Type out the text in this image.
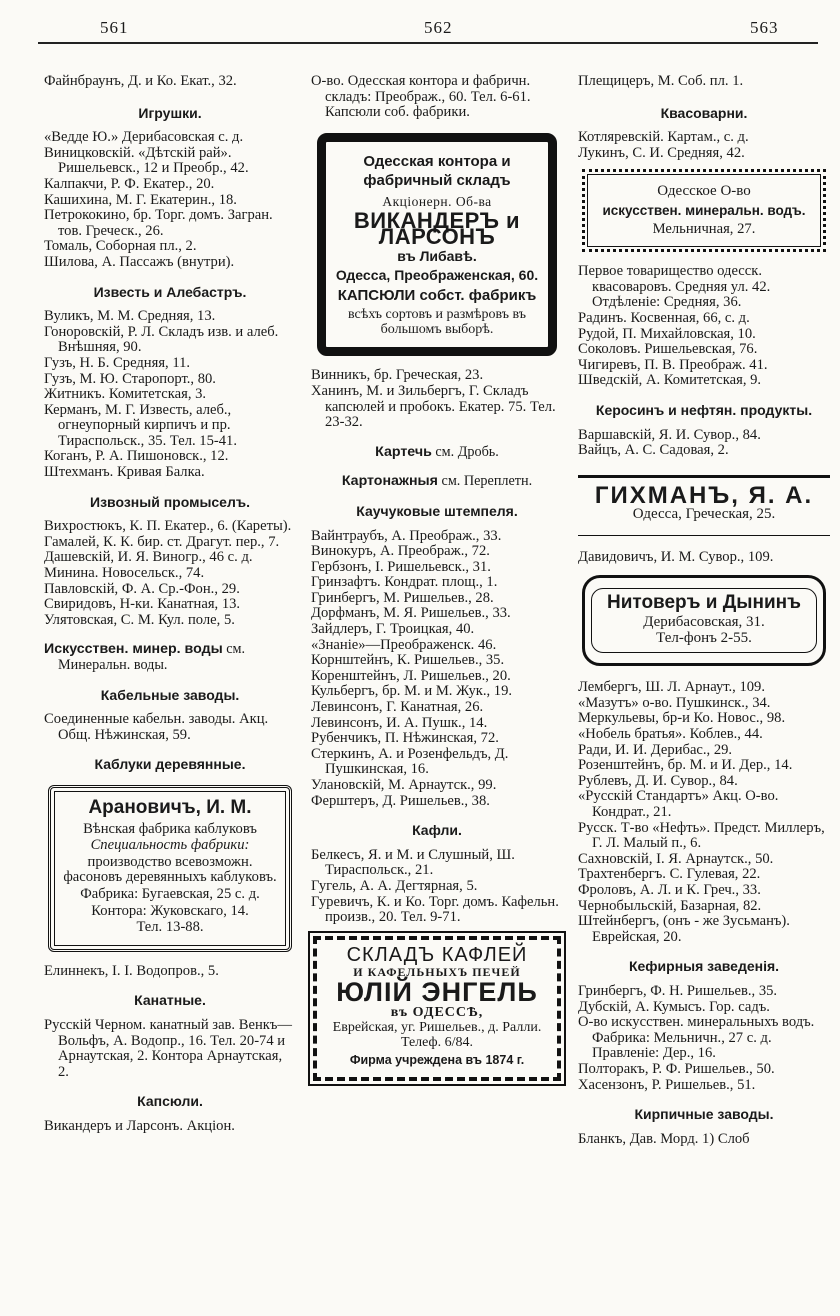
561	562	563

Файнбраунъ, Д. и Ко. Екат., 32.

Игрушки.

«Ведде Ю.» Дерибасовская с. д.

Виницковскій. «Дѣтскій рай». Ришельевск., 12 и Преобр., 42.

Калпакчи, Р. Ф. Екатер., 20.

Кашихина, М. Г. Екатерин., 18.

Петрококино, бр. Торг. домъ. Загран. тов. Греческ., 26.

Томаль, Соборная пл., 2.

Шилова, А. Пассажъ (внутри).

Известь и Алебастръ.

Вуликъ, М. М. Средняя, 13.

Гоноровскій, Р. Л. Складъ изв. и алеб. Внѣшняя, 90.

Гузъ, Н. Б. Средняя, 11.

Гузъ, М. Ю. Старопорт., 80.

Житникъ. Комитетская, 3.

Керманъ, М. Г. Известь, алеб., огнеупорный кирпичъ и пр. Тираспольск., 35. Тел. 15-41.

Коганъ, Р. А. Пишоновск., 12.

Штехманъ. Кривая Балка.

Извозный промыселъ.

Вихростюкъ, К. П. Екатер., 6. (Кареты).

Гамалей, К. К. бир. ст. Драгут. пер., 7.

Дашевскій, И. Я. Виногр., 46 с. д.

Минина. Новосельск., 74.

Павловскій, Ф. А. Ср.-Фон., 29.

Свиридовъ, Н-ки. Канатная, 13.

Улятовская, С. М. Кул. поле, 5.

Искусствен. минер. воды см. Минеральн. воды.

Кабельные заводы.

Соединенные кабельн. заводы. Акц. Общ. Нѣжинская, 59.

Каблуки деревянные.
Арановичъ, И. М.

Вѣнская фабрика каблуковъ

Специальность фабрики:

производство всевозможн. фасоновъ деревянныхъ каблуковъ.

Фабрика: Бугаевская, 25 с. д.

Контора: Жуковскаго, 14.

Тел. 13-88.

Елиннекъ, І. І. Водопров., 5.

Канатные.

Русскій Черном. канатный зав. Венкъ—Вольфъ, А. Водопр., 16. Тел. 20-74 и Арнаутская, 2. Контора Арнаутская, 2.

Капсюли.

Викандеръ и Ларсонъ. Акціон.

О-во. Одесская контора и фабричн. складъ: Преображ., 60. Тел. 6-61. Капсюли соб. фабрики.

Одесская контора и фабричный складъ
Акціонерн. Об-ва
ВИКАНДЕРЪ и ЛАРСОНЪ
въ Либавѣ.
Одесса, Преображенская, 60.
КАПСЮЛИ собст. фабрикъ
всѣхъ сортовъ и размѣровъ въ большомъ выборѣ.

Винникъ, бр. Греческая, 23.

Ханинъ, М. и Зильбергъ, Г. Складъ капсюлей и пробокъ. Екатер. 75. Тел. 23-32.

Картечь см. Дробь.

Картонажныя см. Переплетн.

Каучуковые штемпеля.

Вайнтраубъ, А. Преображ., 33.

Винокуръ, А. Преображ., 72.

Гербзонъ, І. Ришельевск., 31.

Гринзафтъ. Кондрат. площ., 1.

Гринбергъ, М. Ришельев., 28.

Дорфманъ, М. Я. Ришельев., 33.

Зайдлеръ, Г. Троицкая, 40.

«Знаніе»—Преображенск. 46.

Корнштейнъ, К. Ришельев., 35.

Коренштейнъ, Л. Ришельев., 20.

Кульбергъ, бр. М. и М. Жук., 19.

Левинсонъ, Г. Канатная, 26.

Левинсонъ, И. А. Пушк., 14.

Рубенчикъ, П. Нѣжинская, 72.

Стеркинъ, А. и Розенфельдъ, Д. Пушкинская, 16.

Улановскій, М. Арнаутск., 99.

Ферштеръ, Д. Ришельев., 38.

Кафли.

Белкесъ, Я. и М. и Слушный, Ш. Тираспольск., 21.

Гугель, А. А. Дегтярная, 5.

Гуревичъ, К. и Ко. Торг. домъ. Кафельн. произв., 20. Тел. 9-71.

СКЛАДЪ КАФЛЕЙ
И КАФЕЛЬНЫХЪ ПЕЧЕЙ
ЮЛІЙ ЭНГЕЛЬ
въ ОДЕССѢ,
Еврейская, уг. Ришельев., д. Ралли. Телеф. 6/84.
Фирма учреждена въ 1874 г.

Плещицеръ, М. Соб. пл. 1.

Квасоварни.

Котляревскій. Картам., с. д.

Лукинъ, С. И. Средняя, 42.

Одесское О-во
искусствен. минеральн. водъ.
Мельничная, 27.

Первое товарищество одесск. квасоваровъ. Средняя ул. 42. Отдѣленіе: Средняя, 36.

Радинъ. Косвенная, 66, с. д.

Рудой, П. Михайловская, 10.

Соколовъ. Ришельевская, 76.

Чигиревъ, П. В. Преображ. 41.

Шведскій, А. Комитетская, 9.

Керосинъ и нефтян. продукты.

Варшавскій, Я. И. Сувор., 84.

Вайцъ, А. С. Садовая, 2.

ГИХМАНЪ, Я. А.
Одесса, Греческая, 25.

Давидовичъ, И. М. Сувор., 109.

Нитоверъ и Дынинъ
Дерибасовская, 31.
Тел-фонъ 2-55.

Лембергъ, Ш. Л. Арнаут., 109.

«Мазутъ» о-во. Пушкинск., 34.

Меркульевы, бр-и Ко. Новос., 98.

«Нобель братья». Коблев., 44.

Ради, И. И. Дерибас., 29.

Розенштейнъ, бр. М. и И. Дер., 14.

Рублевъ, Д. И. Сувор., 84.

«Русскій Стандартъ» Акц. О-во. Кондрат., 21.

Русск. Т-во «Нефть». Предст. Миллеръ, Г. Л. Малый п., 6.

Сахновскій, І. Я. Арнаутск., 50.

Трахтенбергъ. С. Гулевая, 22.

Фроловъ, А. Л. и К. Греч., 33.

Чернобыльскій, Базарная, 82.

Штейнбергъ, (онъ - же Зусьманъ). Еврейская, 20.

Кефирныя заведенія.

Гринбергъ, Ф. Н. Ришельев., 35.

Дубскій, А. Кумысъ. Гор. садъ.

О-во искусствен. минеральныхъ водъ. Фабрика: Мельничн., 27 с. д. Правленіе: Дер., 16.

Полторакъ, Р. Ф. Ришельев., 50.

Хасензонъ, Р. Ришельев., 51.

Кирпичные заводы.

Бланкъ, Дав. Морд. 1) Слоб
